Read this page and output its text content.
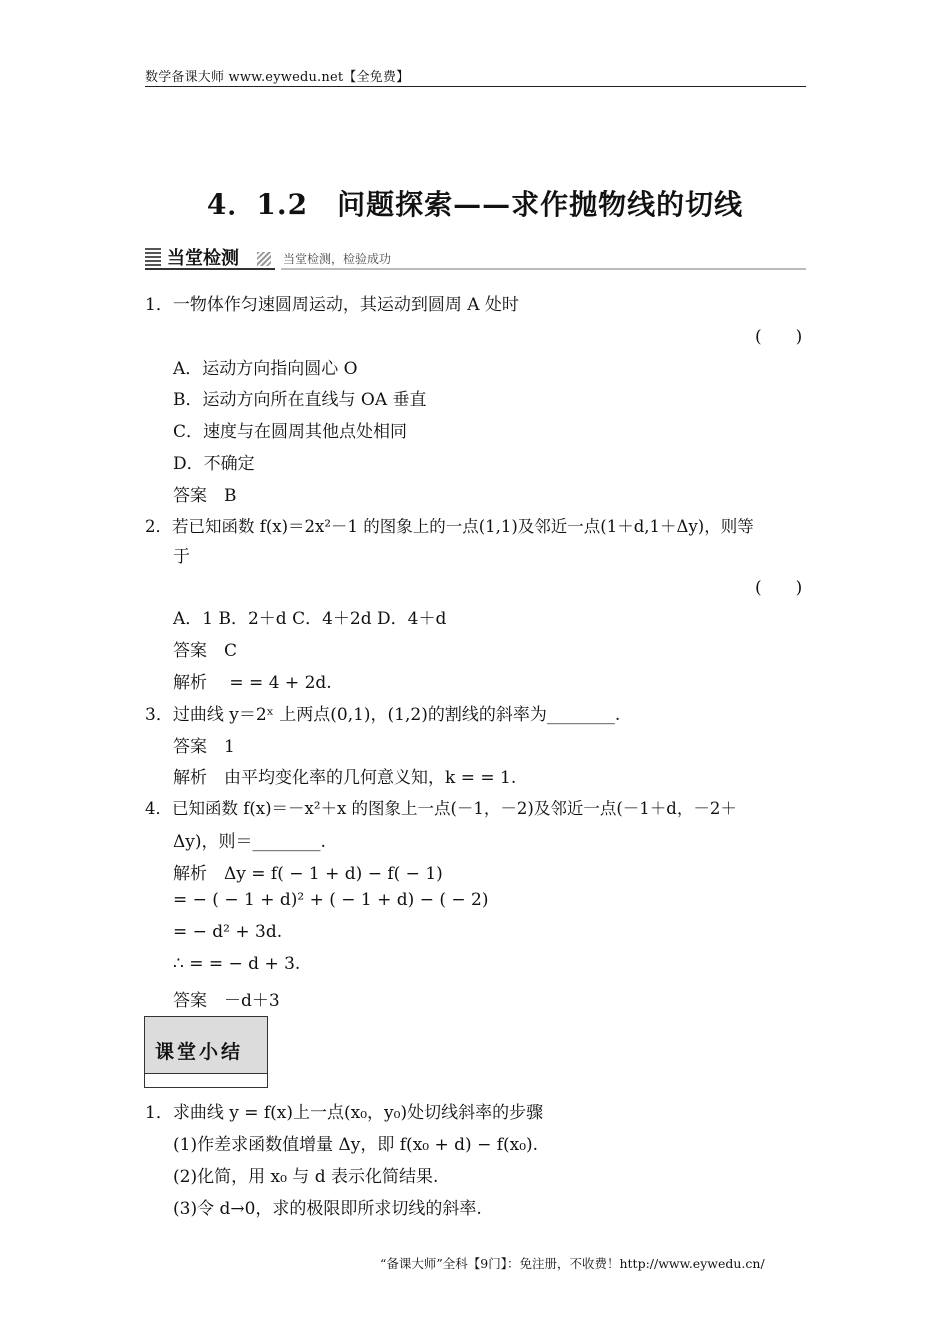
数学备课大师 www.eywedu.net【全免费】
4．1.2　问题探索——求作抛物线的切线
当堂检测	当堂检测，检验成功
1．一物体作匀速圆周运动，其运动到圆周 A 处时
(　　)
A．运动方向指向圆心 O
B．运动方向所在直线与 OA 垂直
C．速度与在圆周其他点处相同
D．不确定
答案　B
2．若已知函数 f(x)＝2x²－1 的图象上的一点(1,1)及邻近一点(1＋d,1＋Δy)，则等
于
(　　)
A．1 B．2＋d C．4＋2d D．4＋d
答案　C
解析　 = = 4 + 2d.
3．过曲线 y＝2ˣ 上两点(0,1)，(1,2)的割线的斜率为________.
答案　1
解析　由平均变化率的几何意义知，k = = 1.
4．已知函数 f(x)＝－x²＋x 的图象上一点(－1，－2)及邻近一点(－1＋d，－2＋
Δy)，则＝________.
解析　Δy = f( − 1 + d) − f( − 1)
= − ( − 1 + d)² + ( − 1 + d) − ( − 2)
= − d² + 3d.
∴ = = − d + 3.
答案　－d＋3
课堂小结
1．求曲线 y = f(x)上一点(x₀，y₀)处切线斜率的步骤
(1)作差求函数值增量 Δy，即 f(x₀ + d) − f(x₀).
(2)化简，用 x₀ 与 d 表示化简结果.
(3)令 d→0，求的极限即所求切线的斜率.
“备课大师”全科【9门】：免注册，不收费！http://www.eywedu.cn/
